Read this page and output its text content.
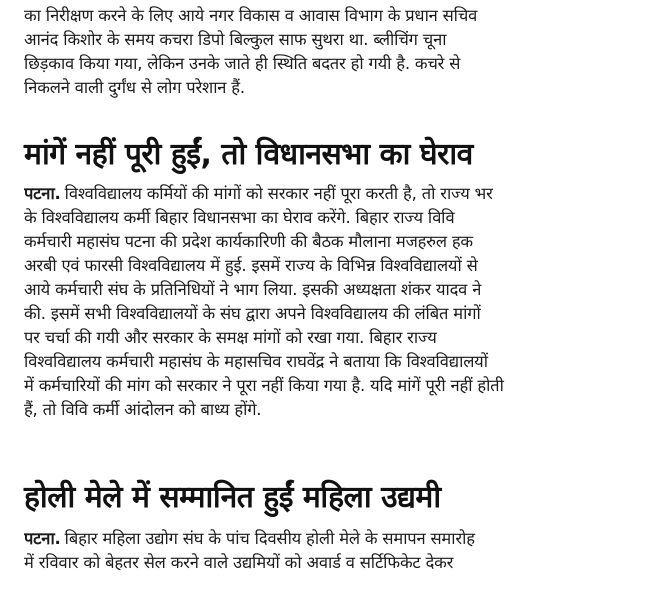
का निरीक्षण करने के लिए आये नगर विकास व आवास विभाग के प्रधान सचिव
आनंद किशोर के समय कचरा डिपो बिल्कुल साफ सुथरा था. ब्लीचिंग चूना
छिड़काव किया गया, लेकिन उनके जाते ही स्थिति बदतर हो गयी है. कचरे से
निकलने वाली दुर्गंध से लोग परेशान हैं.
मांगें नहीं पूरी हुईं, तो विधानसभा का घेराव
पटना. विश्वविद्यालय कर्मियों की मांगों को सरकार नहीं पूरा करती है, तो राज्य भर
के विश्वविद्यालय कर्मी बिहार विधानसभा का घेराव करेंगे. बिहार राज्य विवि
कर्मचारी महासंघ पटना की प्रदेश कार्यकारिणी की बैठक मौलाना मजहरुल हक
अरबी एवं फारसी विश्वविद्यालय में हुई. इसमें राज्य के विभिन्न विश्वविद्यालयों से
आये कर्मचारी संघ के प्रतिनिधियों ने भाग लिया. इसकी अध्यक्षता शंकर यादव ने
की. इसमें सभी विश्वविद्यालयों के संघ द्वारा अपने विश्वविद्यालय की लंबित मांगों
पर चर्चा की गयी और सरकार के समक्ष मांगों को रखा गया. बिहार राज्य
विश्वविद्यालय कर्मचारी महासंघ के महासचिव राघवेंद्र ने बताया कि विश्वविद्यालयों
में कर्मचारियों की मांग को सरकार ने पूरा नहीं किया गया है. यदि मांगें पूरी नहीं होती
हैं, तो विवि कर्मी आंदोलन को बाध्य होंगे.
होली मेले में सम्मानित हुईं महिला उद्यमी
पटना. बिहार महिला उद्योग संघ के पांच दिवसीय होली मेले के समापन समारोह
में रविवार को बेहतर सेल करने वाले उद्यमियों को अवार्ड व सर्टिफिकेट देकर
